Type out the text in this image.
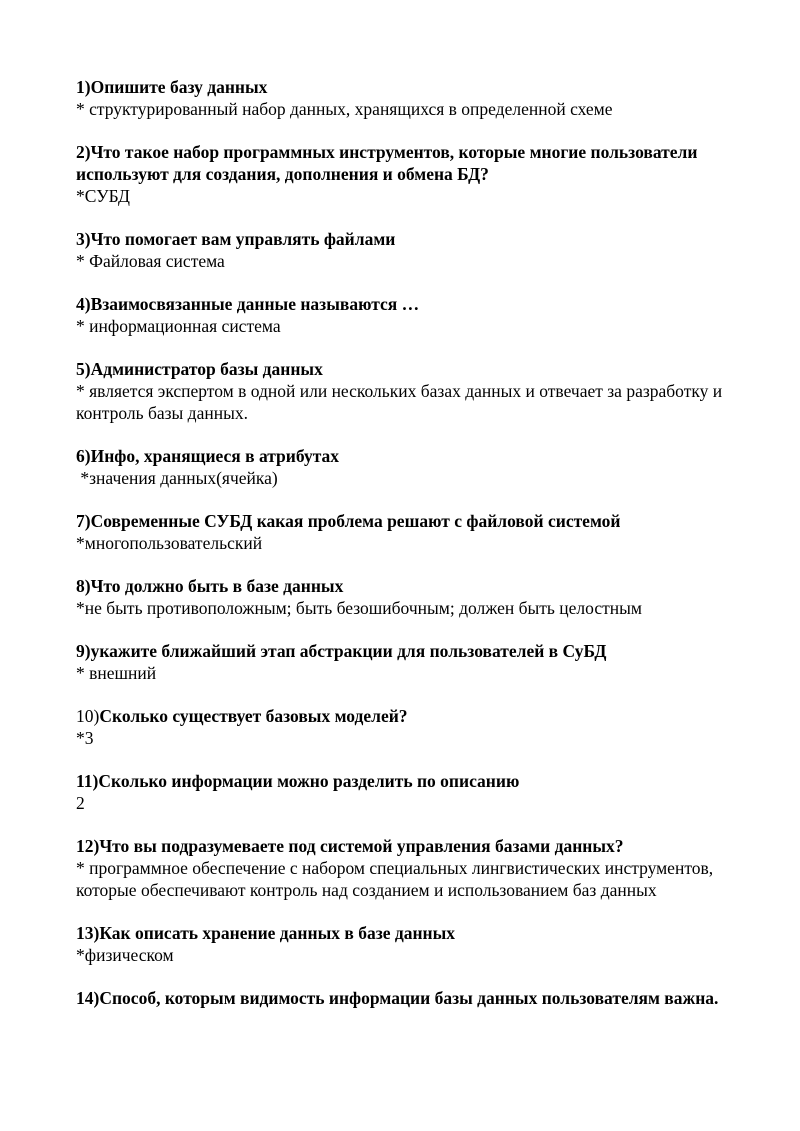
1)Опишите базу данных
* структурированный набор данных, хранящихся в определенной схеме
2)Что такое набор программных инструментов, которые многие пользователи используют для создания, дополнения и обмена БД?
*СУБД
3)Что помогает вам управлять файлами
* Файловая система
4)Взаимосвязанные данные называются …
* информационная система
5)Администратор базы данных
* является экспертом в одной или нескольких базах данных и отвечает за разработку и контроль базы данных.
6)Инфо, хранящиеся в атрибутах
*значения данных(ячейка)
7)Современные СУБД какая проблема решают с файловой системой
*многопользовательский
8)Что должно быть в базе данных
*не быть противоположным; быть безошибочным; должен быть целостным
9)укажите ближайший этап абстракции для пользователей в СуБД
* внешний
10)Сколько существует базовых моделей?
*3
11)Сколько информации можно разделить по описанию
2
12)Что вы подразумеваете под системой управления базами данных?
* программное обеспечение с набором специальных лингвистических инструментов, которые обеспечивают контроль над созданием и использованием баз данных
13)Как описать хранение данных в базе данных
*физическом
14)Способ, которым видимость информации базы данных пользователям важна.
